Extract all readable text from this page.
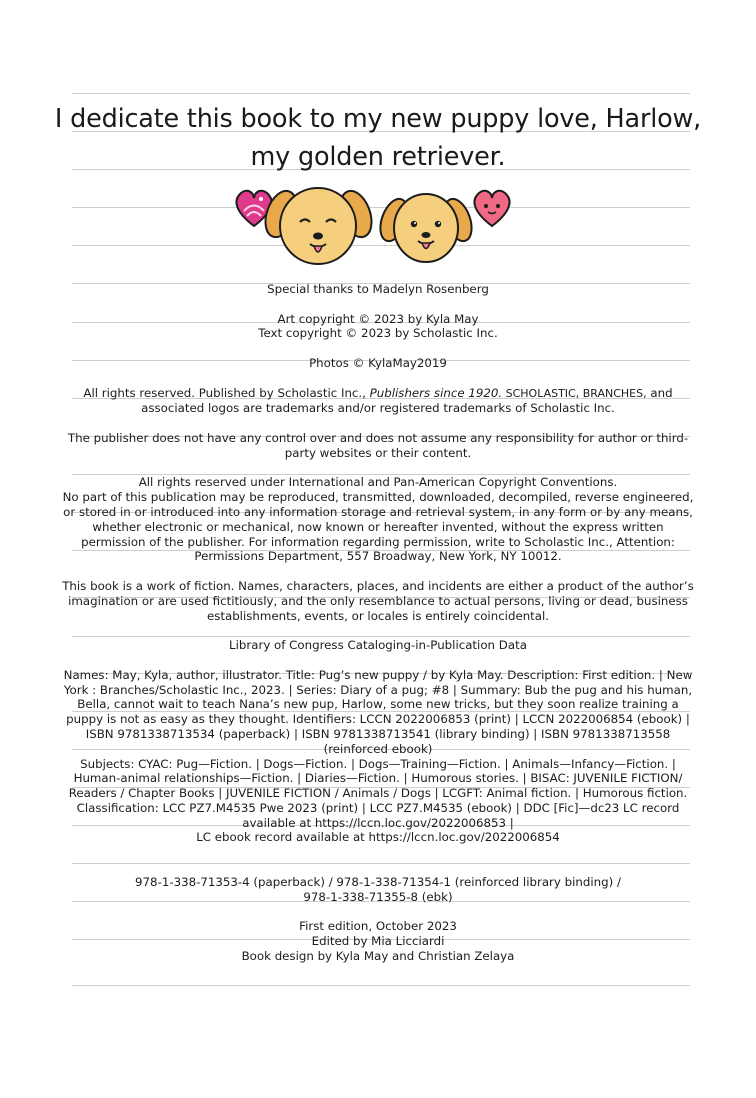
I dedicate this book to my new puppy love, Harlow, my golden retriever.

Special thanks to Madelyn Rosenberg

Art copyright © 2023 by Kyla May

Text copyright © 2023 by Scholastic Inc.

Photos © KylaMay2019

All rights reserved. Published by Scholastic Inc., Publishers since 1920. SCHOLASTIC, BRANCHES, and associated logos are trademarks and/or registered trademarks of Scholastic Inc.

The publisher does not have any control over and does not assume any responsibility for author or third-party websites or their content.

All rights reserved under International and Pan-American Copyright Conventions.

No part of this publication may be reproduced, transmitted, downloaded, decompiled, reverse engineered, or stored in or introduced into any information storage and retrieval system, in any form or by any means, whether electronic or mechanical, now known or hereafter invented, without the express written permission of the publisher. For information regarding permission, write to Scholastic Inc., Attention: Permissions Department, 557 Broadway, New York, NY 10012.

This book is a work of fiction. Names, characters, places, and incidents are either a product of the author’s imagination or are used fictitiously, and the only resemblance to actual persons, living or dead, business establishments, events, or locales is entirely coincidental.

Library of Congress Cataloging-in-Publication Data

Names: May, Kyla, author, illustrator. Title: Pug’s new puppy / by Kyla May. Description: First edition. | New York : Branches/Scholastic Inc., 2023. | Series: Diary of a pug; #8 | Summary: Bub the pug and his human, Bella, cannot wait to teach Nana’s new pup, Harlow, some new tricks, but they soon realize training a puppy is not as easy as they thought. Identifiers: LCCN 2022006853 (print) | LCCN 2022006854 (ebook) | ISBN 9781338713534 (paperback) | ISBN 9781338713541 (library binding) | ISBN 9781338713558 (reinforced ebook)

Subjects: CYAC: Pug—Fiction. | Dogs—Fiction. | Dogs—Training—Fiction. | Animals—Infancy—Fiction. | Human-animal relationships—Fiction. | Diaries—Fiction. | Humorous stories. | BISAC: JUVENILE FICTION/ Readers / Chapter Books | JUVENILE FICTION / Animals / Dogs | LCGFT: Animal fiction. | Humorous fiction. Classification: LCC PZ7.M4535 Pwe 2023 (print) | LCC PZ7.M4535 (ebook) | DDC [Fic]—dc23 LC record available at https://lccn.loc.gov/2022006853 |

LC ebook record available at https://lccn.loc.gov/2022006854

978-1-338-71353-4 (paperback) / 978-1-338-71354-1 (reinforced library binding) /

978-1-338-71355-8 (ebk)

First edition, October 2023

Edited by Mia Licciardi

Book design by Kyla May and Christian Zelaya
